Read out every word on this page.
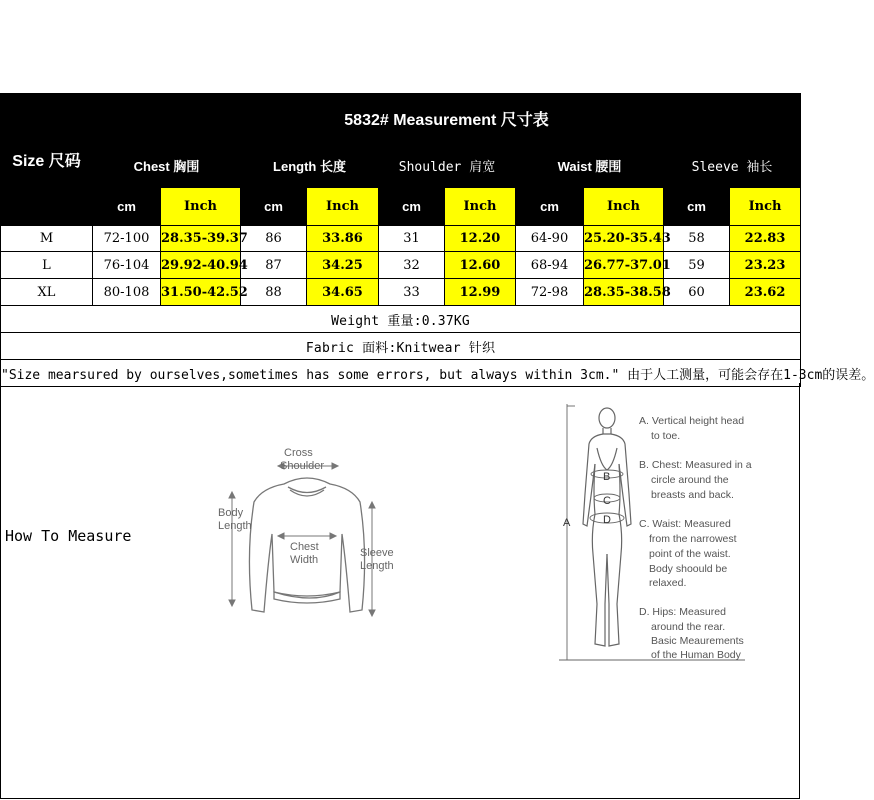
Size 尺码	5832# Measurement 尺寸表									
	Chest 胸围		Length 长度		Shoulder 肩宽		Waist 腰围		Sleeve 袖长	
	cm	Inch	cm	Inch	cm	Inch	cm	Inch	cm	Inch
M	72-100	28.35-39.37	86	33.86	31	12.20	64-90	25.20-35.43	58	22.83
L	76-104	29.92-40.94	87	34.25	32	12.60	68-94	26.77-37.01	59	23.23
XL	80-108	31.50-42.52	88	34.65	33	12.99	72-98	28.35-38.58	60	23.62
Weight 重量:0.37KG										
Fabric 面料:Knitwear 针织										
"Size mearsured by ourselves,sometimes has some errors, but always within 3cm." 由于人工测量，可能会存在1-3cm的误差。										
How To Measure
Cross
Shoulder
Body
Length
Chest
Width
Sleeve
Length
A
B
C
D
A. Vertical height head
to toe.
B. Chest: Measured in a
circle around the
breasts and back.
C. Waist: Measured
from the narrowest
point of the waist.
Body shoould be
relaxed.
D. Hips: Measured
around the rear.
Basic Meaurements
of the Human Body
